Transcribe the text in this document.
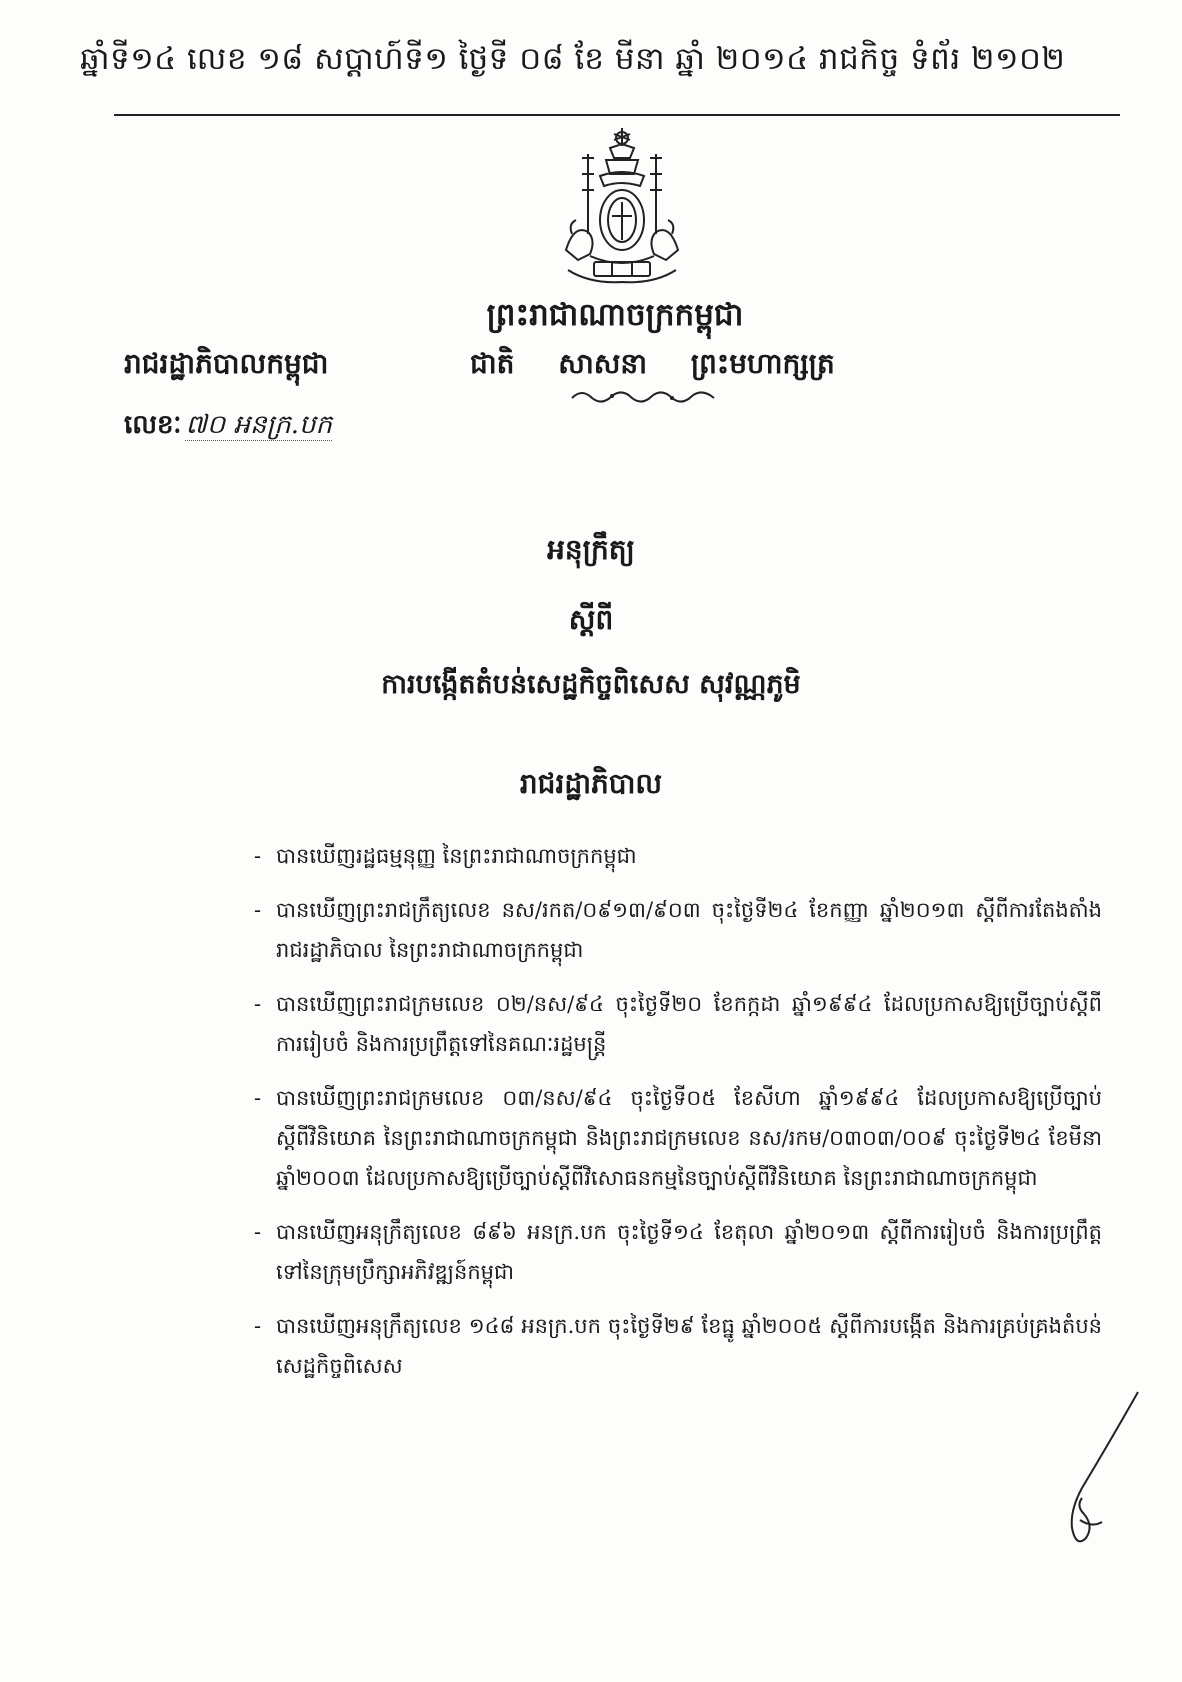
ឆ្នាំទី១៤ លេខ ១៨ សប្តាហ៍ទី១ ថ្ងៃទី ០៨ ខែ មីនា ឆ្នាំ ២០១៤ រាជកិច្ច ទំព័រ ២១០២
ព្រះរាជាណាចក្រកម្ពុជា
ជាតិ សាសនា ព្រះមហាក្សត្រ
រាជរដ្ឋាភិបាលកម្ពុជា
លេខៈ ៧០ អនក្រ.បក
អនុក្រឹត្យ
ស្តីពី
ការបង្កើតតំបន់សេដ្ឋកិច្ចពិសេស សុវណ្ណភូមិ
រាជរដ្ឋាភិបាល
- បានឃើញរដ្ឋធម្មនុញ្ញ នៃព្រះរាជាណាចក្រកម្ពុជា
- បានឃើញព្រះរាជក្រឹត្យលេខ នស/រកត/០៩១៣/៩០៣ ចុះថ្ងៃទី២៤ ខែកញ្ញា ឆ្នាំ២០១៣ ស្តីពីការតែងតាំងរាជរដ្ឋាភិបាល នៃព្រះរាជាណាចក្រកម្ពុជា
- បានឃើញព្រះរាជក្រមលេខ ០២/នស/៩៤ ចុះថ្ងៃទី២០ ខែកក្កដា ឆ្នាំ១៩៩៤ ដែលប្រកាសឱ្យប្រើច្បាប់ស្តីពីការរៀបចំ និងការប្រព្រឹត្តទៅនៃគណៈរដ្ឋមន្ត្រី
- បានឃើញព្រះរាជក្រមលេខ ០៣/នស/៩៤ ចុះថ្ងៃទី០៥ ខែសីហា ឆ្នាំ១៩៩៤ ដែលប្រកាសឱ្យប្រើច្បាប់ស្តីពីវិនិយោគ នៃព្រះរាជាណាចក្រកម្ពុជា និងព្រះរាជក្រមលេខ នស/រកម/០៣០៣/០០៩ ចុះថ្ងៃទី២៤ ខែមីនា ឆ្នាំ២០០៣ ដែលប្រកាសឱ្យប្រើច្បាប់ស្តីពីវិសោធនកម្មនៃច្បាប់ស្តីពីវិនិយោគ នៃព្រះរាជាណាចក្រកម្ពុជា
- បានឃើញអនុក្រឹត្យលេខ ៨៩៦ អនក្រ.បក ចុះថ្ងៃទី១៤ ខែតុលា ឆ្នាំ២០១៣ ស្តីពីការរៀបចំ និងការប្រព្រឹត្តទៅនៃក្រុមប្រឹក្សាអភិវឌ្ឍន៍កម្ពុជា
- បានឃើញអនុក្រឹត្យលេខ ១៤៨ អនក្រ.បក ចុះថ្ងៃទី២៩ ខែធ្នូ ឆ្នាំ២០០៥ ស្តីពីការបង្កើត និងការគ្រប់គ្រងតំបន់សេដ្ឋកិច្ចពិសេស
